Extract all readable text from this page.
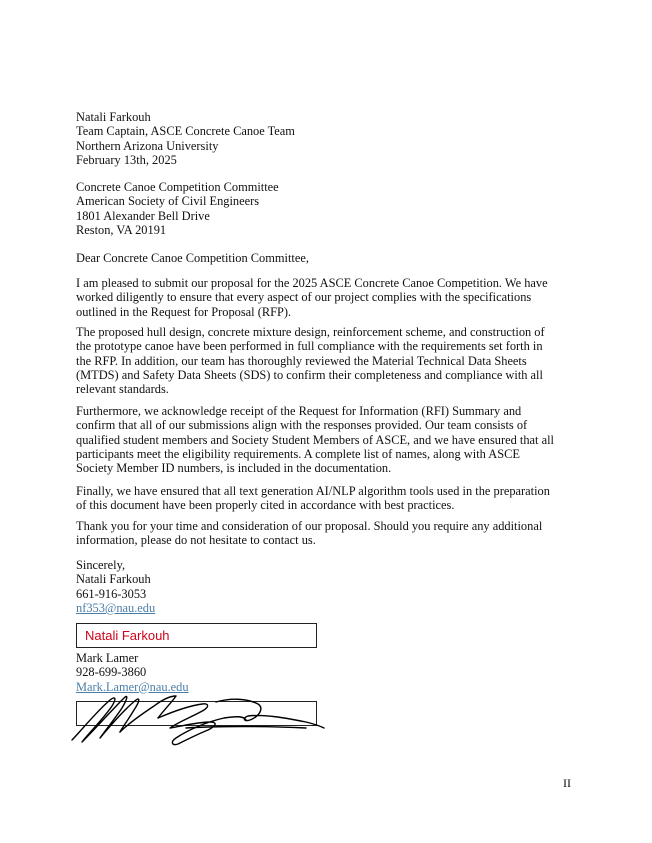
Natali Farkouh
Team Captain, ASCE Concrete Canoe Team
Northern Arizona University
February 13th, 2025
Concrete Canoe Competition Committee
American Society of Civil Engineers
1801 Alexander Bell Drive
Reston, VA 20191
Dear Concrete Canoe Competition Committee,
I am pleased to submit our proposal for the 2025 ASCE Concrete Canoe Competition. We have
worked diligently to ensure that every aspect of our project complies with the specifications
outlined in the Request for Proposal (RFP).
The proposed hull design, concrete mixture design, reinforcement scheme, and construction of
the prototype canoe have been performed in full compliance with the requirements set forth in
the RFP. In addition, our team has thoroughly reviewed the Material Technical Data Sheets
(MTDS) and Safety Data Sheets (SDS) to confirm their completeness and compliance with all
relevant standards.
Furthermore, we acknowledge receipt of the Request for Information (RFI) Summary and
confirm that all of our submissions align with the responses provided. Our team consists of
qualified student members and Society Student Members of ASCE, and we have ensured that all
participants meet the eligibility requirements. A complete list of names, along with ASCE
Society Member ID numbers, is included in the documentation.
Finally, we have ensured that all text generation AI/NLP algorithm tools used in the preparation
of this document have been properly cited in accordance with best practices.
Thank you for your time and consideration of our proposal. Should you require any additional
information, please do not hesitate to contact us.
Sincerely,
Natali Farkouh
661-916-3053
nf353@nau.edu
Natali Farkouh
Mark Lamer
928-699-3860
Mark.Lamer@nau.edu
II
